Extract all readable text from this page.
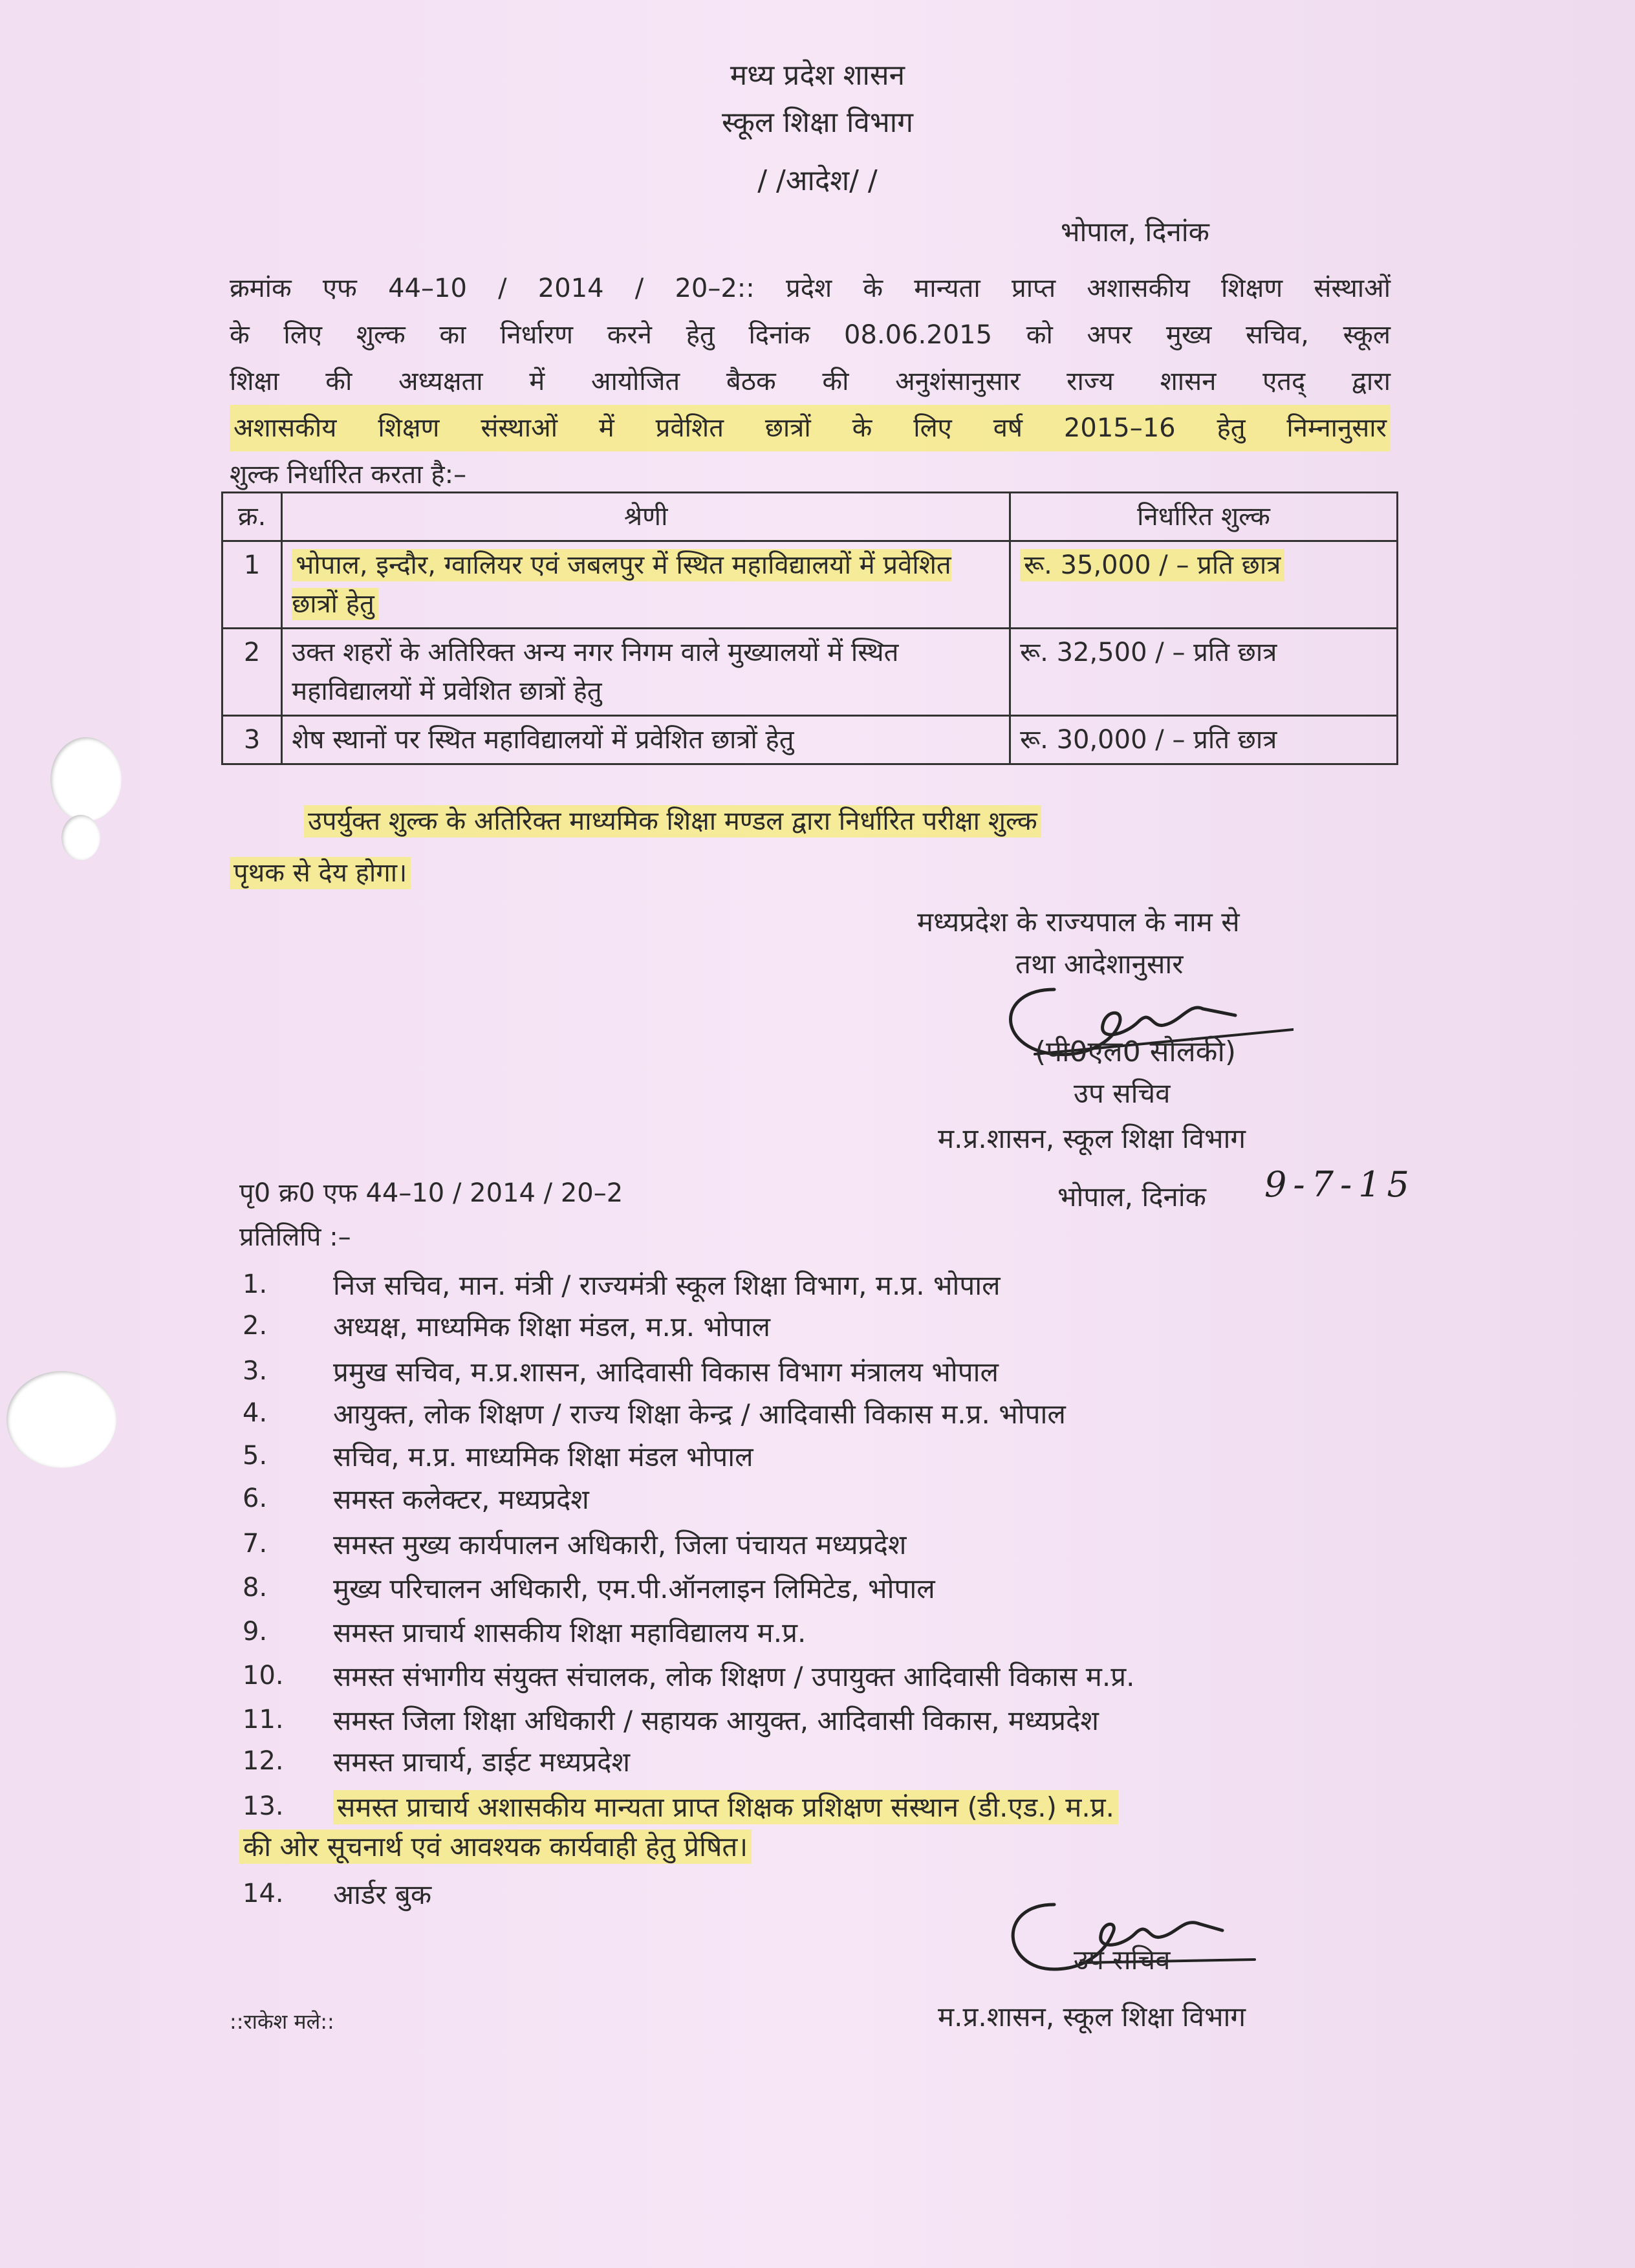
मध्य प्रदेश शासन
स्कूल शिक्षा विभाग
/ /आदेश/ /
भोपाल, दिनांक
क्रमांक एफ 44–10 / 2014 / 20–2:: प्रदेश के मान्यता प्राप्त अशासकीय शिक्षण संस्थाओं
के लिए शुल्क का निर्धारण करने हेतु दिनांक 08.06.2015 को अपर मुख्य सचिव, स्कूल
शिक्षा की अध्यक्षता में आयोजित बैठक की अनुशंसानुसार राज्य शासन एतद् द्वारा
अशासकीय शिक्षण संस्थाओं में प्रवेशित छात्रों के लिए वर्ष 2015–16 हेतु निम्नानुसार
शुल्क निर्धारित करता है:–
क्र.	श्रेणी	निर्धारित शुल्क
1	भोपाल, इन्दौर, ग्वालियर एवं जबलपुर में स्थित महाविद्यालयों में प्रवेशित छात्रों हेतु	रू. 35,000 / – प्रति छात्र
2	उक्त शहरों के अतिरिक्त अन्य नगर निगम वाले मुख्यालयों में स्थित महाविद्यालयों में प्रवेशित छात्रों हेतु	रू. 32,500 / – प्रति छात्र
3	शेष स्थानों पर स्थित महाविद्यालयों में प्रवेशित छात्रों हेतु	रू. 30,000 / – प्रति छात्र
उपर्युक्त शुल्क के अतिरिक्त माध्यमिक शिक्षा मण्डल द्वारा निर्धारित परीक्षा शुल्क
पृथक से देय होगा।
मध्यप्रदेश के राज्यपाल के नाम से
तथा आदेशानुसार
(पी0एल0 सोलंकी)
उप सचिव
म.प्र.शासन, स्कूल शिक्षा विभाग
पृ0 क्र0 एफ 44–10 / 2014 / 20–2	भोपाल, दिनांक 9-7-15
प्रतिलिपि :–
1. निज सचिव, मान. मंत्री / राज्यमंत्री स्कूल शिक्षा विभाग, म.प्र. भोपाल
2. अध्यक्ष, माध्यमिक शिक्षा मंडल, म.प्र. भोपाल
3. प्रमुख सचिव, म.प्र.शासन, आदिवासी विकास विभाग मंत्रालय भोपाल
4. आयुक्त, लोक शिक्षण / राज्य शिक्षा केन्द्र / आदिवासी विकास म.प्र. भोपाल
5. सचिव, म.प्र. माध्यमिक शिक्षा मंडल भोपाल
6. समस्त कलेक्टर, मध्यप्रदेश
7. समस्त मुख्य कार्यपालन अधिकारी, जिला पंचायत मध्यप्रदेश
8. मुख्य परिचालन अधिकारी, एम.पी.ऑनलाइन लिमिटेड, भोपाल
9. समस्त प्राचार्य शासकीय शिक्षा महाविद्यालय म.प्र.
10. समस्त संभागीय संयुक्त संचालक, लोक शिक्षण / उपायुक्त आदिवासी विकास म.प्र.
11. समस्त जिला शिक्षा अधिकारी / सहायक आयुक्त, आदिवासी विकास, मध्यप्रदेश
12. समस्त प्राचार्य, डाईट मध्यप्रदेश
13. समस्त प्राचार्य अशासकीय मान्यता प्राप्त शिक्षक प्रशिक्षण संस्थान (डी.एड.) म.प्र.
की ओर सूचनार्थ एवं आवश्यक कार्यवाही हेतु प्रेषित।
14. आर्डर बुक
उप सचिव
म.प्र.शासन, स्कूल शिक्षा विभाग
::राकेश मले::
